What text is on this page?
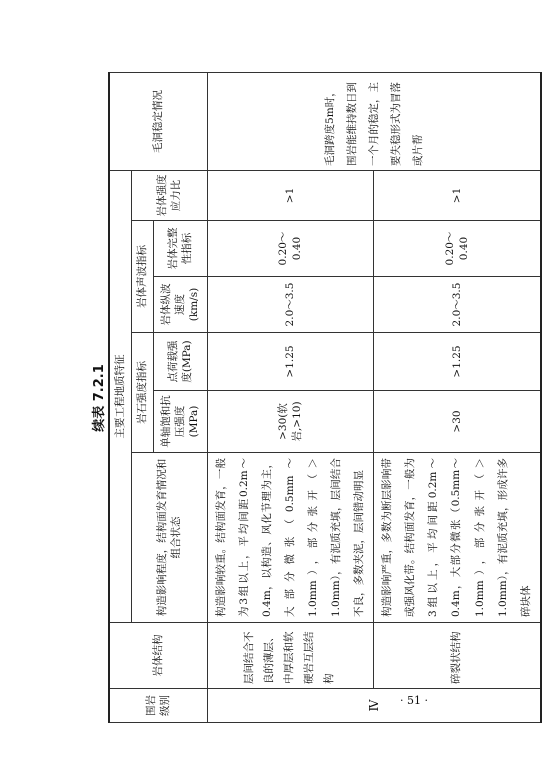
续表 7.2.1
围岩级别	岩体结构	主要工程地质特征						毛洞稳定情况
		构造影响程度，结构面发育情况和组合状态	岩石强度指标		岩体声波指标		岩体强度应力比	
			单轴饱和抗压强度(MPa)	点荷载强度(MPa)	岩体纵波速度(km/s)	岩体完整性指标		
Ⅳ	层间结合不良的薄层、中厚层和软硬岩互层结构	构造影响较重。结构面发育，一般为3组以上，平均间距0.2m～0.4m，以构造、风化节理为主，大部分微张（0.5mm～1.0mm），部分张开（＞1.0mm），有泥质充填，层间结合不良，多数夹泥，层间错动明显	>30(软岩,>10)	>1.25	2.0～3.5	0.20～0.40	>1	毛洞跨度5m时，围岩能维持数日到一个月的稳定，主要失稳形式为冒落或片帮
	碎裂状结构	构造影响严重，多数为断层影响带或强风化带。结构面发育，一般为3组以上，平均间距0.2m～0.4m，大部分微张（0.5mm～1.0mm），部分张开（＞1.0mm），有泥质充填，形成许多碎块体	>30	>1.25	2.0～3.5	0.20～0.40	>1	
· 51 ·
